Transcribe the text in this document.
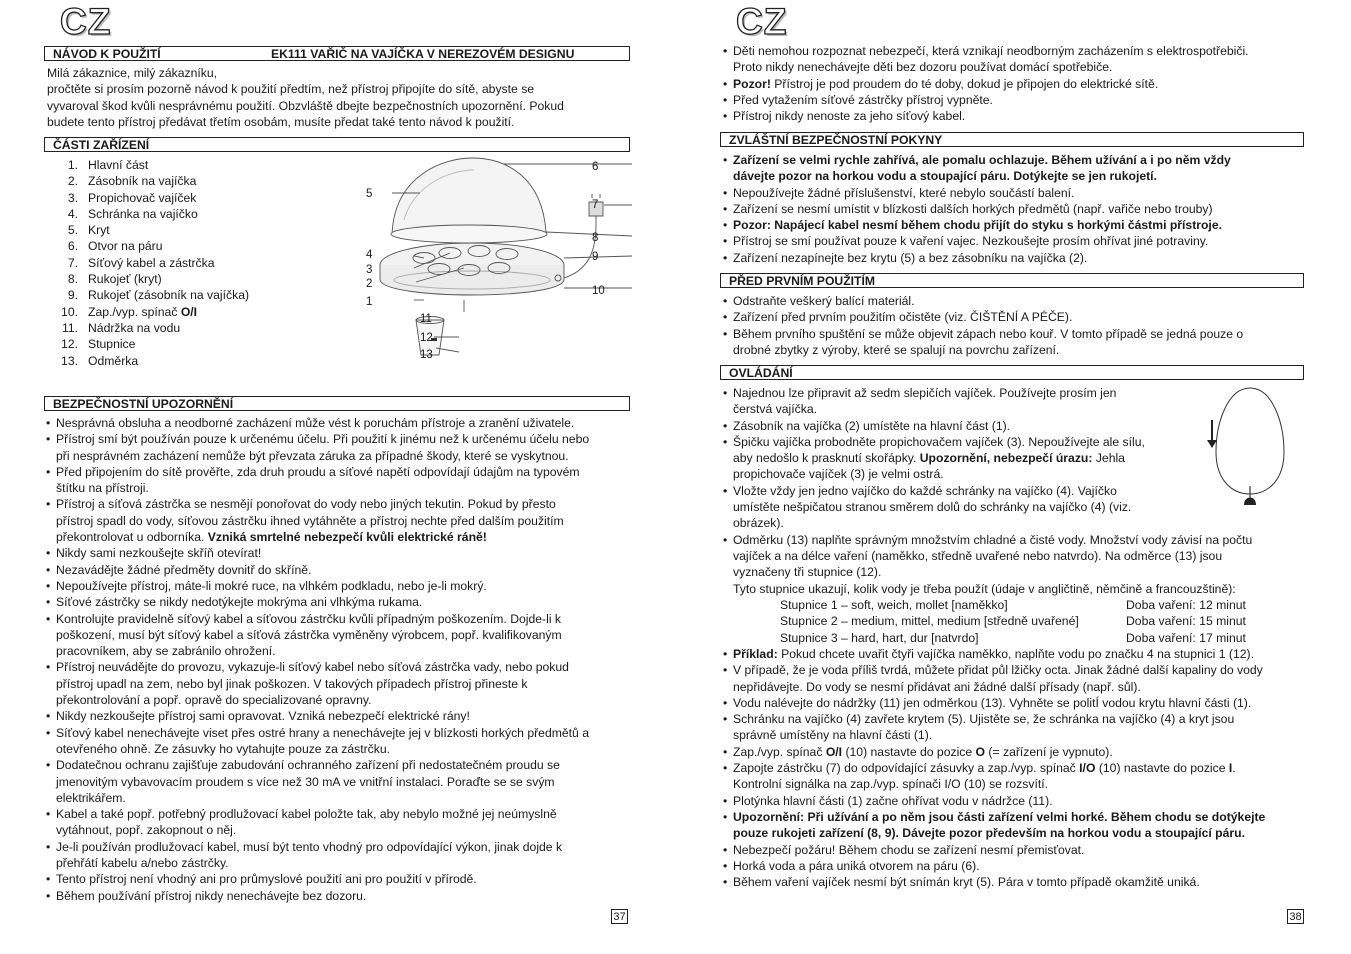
CZ
NÁVOD K POUŽITÍ	EK111 VAŘIČ NA VAJÍČKA V NEREZOVÉM DESIGNU
Milá zákaznice, milý zákazníku,
pročtěte si prosím pozorně návod k použití předtím, než přístroj připojíte do sítě, abyste se
vyvaroval škod kvůli nesprávnému použití. Obzvláště dbejte bezpečnostních upozornění. Pokud
budete tento přístroj předávat třetím osobám, musíte předat také tento návod k použití.
ČÁSTI ZAŘÍZENÍ
1. Hlavní část
2. Zásobník na vajíčka
3. Propichovač vajíček
4. Schránka na vajíčko
5. Kryt
6. Otvor na páru
7. Síťový kabel a zástrčka
8. Rukojeť (kryt)
9. Rukojeť (zásobník na vajíčka)
10. Zap./vyp. spínač O/I
11. Nádržka na vodu
12. Stupnice
13. Odměrka
5
6
7
8
9
10
4
3
2
1
11
12
13
BEZPEČNOSTNÍ UPOZORNĚNÍ
• Nesprávná obsluha a neodborné zacházení může vést k poruchám přístroje a zranění uživatele.
• Přístroj smí být používán pouze k určenému účelu. Při použití k jinému než k určenému účelu nebo
při nesprávném zacházení nemůže být převzata záruka za případné škody, které se vyskytnou.
• Před připojením do sítě prověřte, zda druh proudu a síťové napětí odpovídají údajům na typovém
štítku na přístroji.
• Přístroj a síťová zástrčka se nesmějí ponořovat do vody nebo jiných tekutin. Pokud by přesto
přístroj spadl do vody, síťovou zástrčku ihned vytáhněte a přístroj nechte před dalším použitím
překontrolovat u odborníka. Vzniká smrtelné nebezpečí kvůli elektrické ráně!
• Nikdy sami nezkoušejte skříň otevírat!
• Nezavádějte žádné předměty dovnitř do skříně.
• Nepoužívejte přístroj, máte-li mokré ruce, na vlhkém podkladu, nebo je-li mokrý.
• Síťové zástrčky se nikdy nedotýkejte mokrýma ani vlhkýma rukama.
• Kontrolujte pravidelně síťový kabel a síťovou zástrčku kvůli případným poškozením. Dojde-li k
poškození, musí být síťový kabel a síťová zástrčka vyměněny výrobcem, popř. kvalifikovaným
pracovníkem, aby se zabránilo ohrožení.
• Přístroj neuvádějte do provozu, vykazuje-li síťový kabel nebo síťová zástrčka vady, nebo pokud
přístroj upadl na zem, nebo byl jinak poškozen. V takových případech přístroj přineste k
překontrolování a popř. opravě do specializované opravny.
• Nikdy nezkoušejte přístroj sami opravovat. Vzniká nebezpečí elektrické rány!
• Síťový kabel nenechávejte viset přes ostré hrany a nenechávejte jej v blízkosti horkých předmětů a
otevřeného ohně. Ze zásuvky ho vytahujte pouze za zástrčku.
• Dodatečnou ochranu zajišťuje zabudování ochranného zařízení při nedostatečném proudu se
jmenovitým vybavovacím proudem s více než 30 mA ve vnitřní instalaci. Poraďte se se svým
elektrikářem.
• Kabel a také popř. potřebný prodlužovací kabel položte tak, aby nebylo možné jej neúmyslně
vytáhnout, popř. zakopnout o něj.
• Je-li používán prodlužovací kabel, musí být tento vhodný pro odpovídající výkon, jinak dojde k
přehřátí kabelu a/nebo zástrčky.
• Tento přístroj není vhodný ani pro průmyslové použití ani pro použití v přírodě.
• Během používání přístroj nikdy nenechávejte bez dozoru.
37
CZ
• Děti nemohou rozpoznat nebezpečí, která vznikají neodborným zacházením s elektrospotřebiči.
Proto nikdy nenechávejte děti bez dozoru používat domácí spotřebiče.
• Pozor! Přístroj je pod proudem do té doby, dokud je připojen do elektrické sítě.
• Před vytažením síťové zástrčky přístroj vypněte.
• Přístroj nikdy nenoste za jeho síťový kabel.
ZVLÁŠTNÍ BEZPEČNOSTNÍ POKYNY
• Zařízení se velmi rychle zahřívá, ale pomalu ochlazuje. Během užívání a i po něm vždy
dávejte pozor na horkou vodu a stoupající páru. Dotýkejte se jen rukojetí.
• Nepoužívejte žádné příslušenství, které nebylo součástí balení.
• Zařízení se nesmí umístit v blízkosti dalších horkých předmětů (např. vařiče nebo trouby)
• Pozor: Napájecí kabel nesmí během chodu přijít do styku s horkými částmi přístroje.
• Přístroj se smí používat pouze k vaření vajec. Nezkoušejte prosím ohřívat jiné potraviny.
• Zařízení nezapínejte bez krytu (5) a bez zásobníku na vajíčka (2).
PŘED PRVNÍM POUŽITÍM
• Odstraňte veškerý balící materiál.
• Zařízení před prvním použitím očistěte (viz. ČIŠTĚNÍ A PÉČE).
• Během prvního spuštění se může objevit zápach nebo kouř. V tomto případě se jedná pouze o
drobné zbytky z výroby, které se spalují na povrchu zařízení.
OVLÁDÁNÍ
• Najednou lze připravit až sedm slepičích vajíček. Používejte prosím jen
čerstvá vajíčka.
• Zásobník na vajíčka (2) umístěte na hlavní část (1).
• Špičku vajíčka probodněte propichovačem vajíček (3). Nepoužívejte ale sílu,
aby nedošlo k prasknutí skořápky. Upozornění, nebezpečí úrazu: Jehla
propichovače vajíček (3) je velmi ostrá.
• Vložte vždy jen jedno vajíčko do každé schránky na vajíčko (4). Vajíčko
umístěte nešpičatou stranou směrem dolů do schránky na vajíčko (4) (viz.
obrázek).
• Odměrku (13) naplňte správným množstvím chladné a čisté vody. Množství vody závisí na počtu
vajíček a na délce vaření (naměkko, středně uvařené nebo natvrdo). Na odměrce (13) jsou
vyznačeny tři stupnice (12).
Tyto stupnice ukazují, kolik vody je třeba použít (údaje v angličtině, němčině a francouzštině):
Stupnice 1 – soft, weich, mollet [naměkko]	Doba vaření: 12 minut
Stupnice 2 – medium, mittel, medium [středně uvařené]	Doba vaření: 15 minut
Stupnice 3 – hard, hart, dur [natvrdo]	Doba vaření: 17 minut
• Příklad: Pokud chcete uvařit čtyři vajíčka naměkko, naplňte vodu po značku 4 na stupnici 1 (12).
• V případě, že je voda příliš tvrdá, můžete přidat půl lžičky octa. Jinak žádné další kapaliny do vody
nepřidávejte. Do vody se nesmí přidávat ani žádné další přísady (např. sůl).
• Vodu nalévejte do nádržky (11) jen odměrkou (13). Vyhněte se politÍ vodou krytu hlavní části (1).
• Schránku na vajíčko (4) zavřete krytem (5). Ujistěte se, že schránka na vajíčko (4) a kryt jsou
správně umístěny na hlavní části (1).
• Zap./vyp. spínač O/I (10) nastavte do pozice O (= zařízení je vypnuto).
• Zapojte zástrčku (7) do odpovídající zásuvky a zap./vyp. spínač I/O (10) nastavte do pozice I.
Kontrolní signálka na zap./vyp. spínači I/O (10) se rozsvítí.
• Plotýnka hlavní části (1) začne ohřívat vodu v nádržce (11).
• Upozornění: Při užívání a po něm jsou části zařízení velmi horké. Během chodu se dotýkejte
pouze rukojeti zařízení (8, 9). Dávejte pozor především na horkou vodu a stoupající páru.
• Nebezpečí požáru! Během chodu se zařízení nesmí přemisťovat.
• Horká voda a pára uniká otvorem na páru (6).
• Během vaření vajíček nesmí být snímán kryt (5). Pára v tomto případě okamžitě uniká.
38
